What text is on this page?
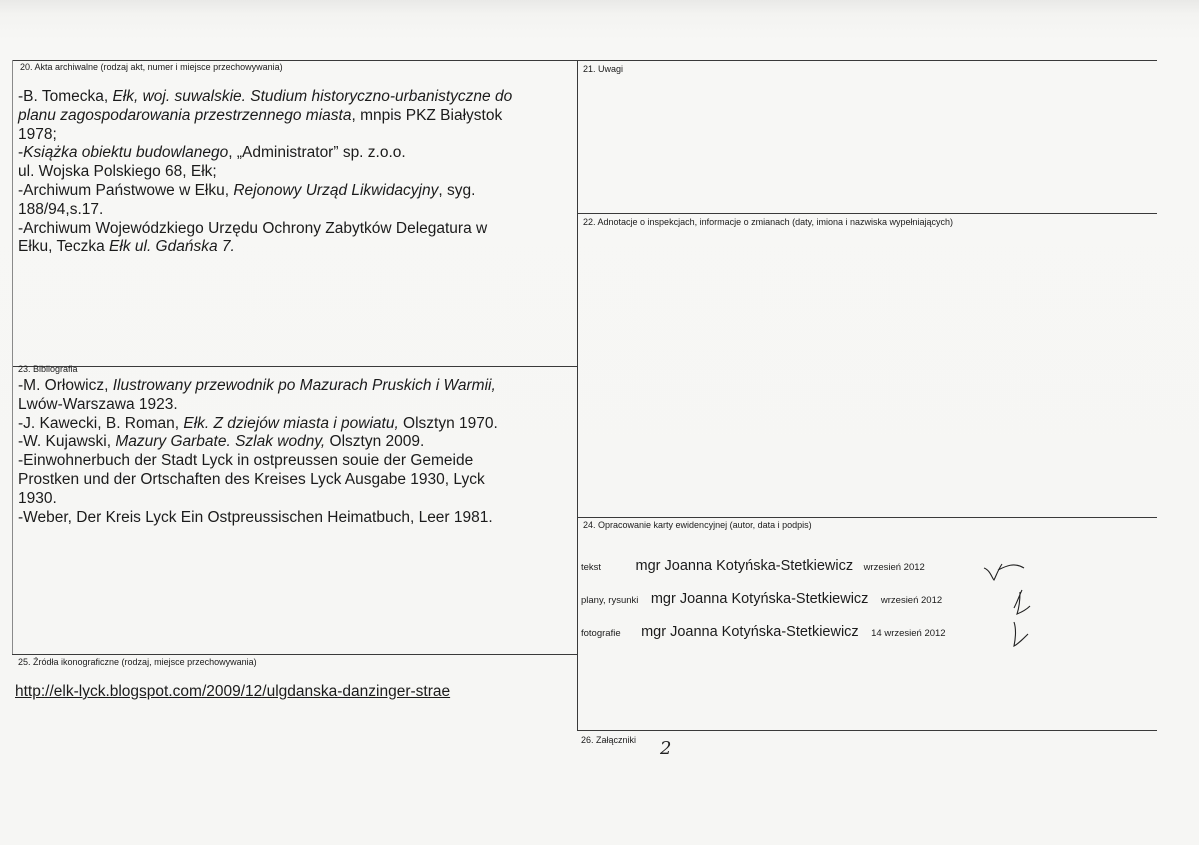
20. Akta archiwalne (rodzaj akt, numer i miejsce przechowywania)	21. Uwagi
22. Adnotacje o inspekcjach, informacje o zmianach (daty, imiona i nazwiska wypełniających)
23. Bibliografia
24. Opracowanie karty ewidencyjnej (autor, data i podpis)
25. Źródła ikonograficzne (rodzaj, miejsce przechowywania)
26. Załączniki
-B. Tomecka, Ełk, woj. suwalskie. Studium historyczno-urbanistyczne do
planu zagospodarowania przestrzennego miasta, mnpis PKZ Białystok
1978;
-Książka obiektu budowlanego, „Administrator” sp. z.o.o.
ul. Wojska Polskiego 68, Ełk;
-Archiwum Państwowe w Ełku, Rejonowy Urząd Likwidacyjny, syg.
188/94,s.17.
-Archiwum Wojewódzkiego Urzędu Ochrony Zabytków Delegatura w
Ełku, Teczka Ełk ul. Gdańska 7.
-M. Orłowicz, Ilustrowany przewodnik po Mazurach Pruskich i Warmii,
Lwów-Warszawa 1923.
-J. Kawecki, B. Roman, Ełk. Z dziejów miasta i powiatu, Olsztyn 1970.
-W. Kujawski, Mazury Garbate. Szlak wodny, Olsztyn 2009.
-Einwohnerbuch der Stadt Lyck in ostpreussen souie der Gemeide
Prostken und der Ortschaften des Kreises Lyck Ausgabe 1930, Lyck
1930.
-Weber, Der Kreis Lyck Ein Ostpreussischen Heimatbuch, Leer 1981.
http://elk-lyck.blogspot.com/2009/12/ulgdanska-danzinger-strae
tekst mgr Joanna Kotyńska-Stetkiewicz wrzesień 2012
plany, rysunki mgr Joanna Kotyńska-Stetkiewicz wrzesień 2012
fotografie mgr Joanna Kotyńska-Stetkiewicz 14 wrzesień 2012
2
